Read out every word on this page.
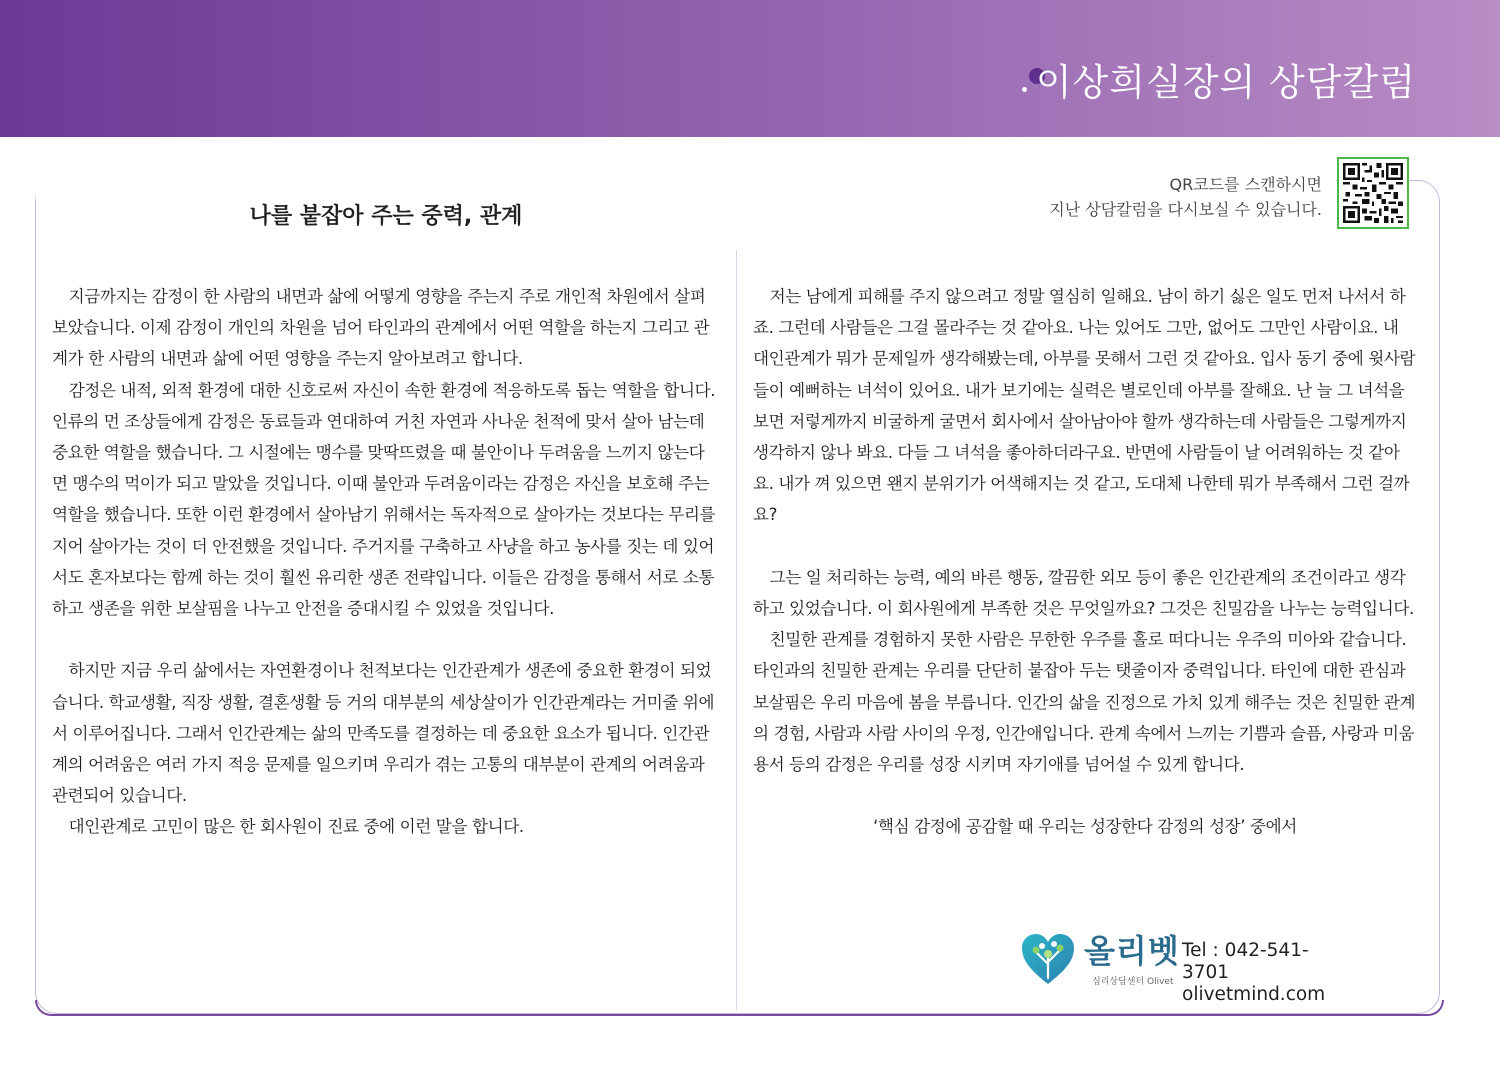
이상희실장의 상담칼럼
나를 붙잡아 주는 중력, 관계
QR코드를 스캔하시면
지난 상담칼럼을 다시보실 수 있습니다.

지금까지는 감정이 한 사람의 내면과 삶에 어떻게 영향을 주는지 주로 개인적 차원에서 살펴보았습니다. 이제 감정이 개인의 차원을 넘어 타인과의 관계에서 어떤 역할을 하는지 그리고 관계가 한 사람의 내면과 삶에 어떤 영향을 주는지 알아보려고 합니다.

감정은 내적, 외적 환경에 대한 신호로써 자신이 속한 환경에 적응하도록 돕는 역할을 합니다. 인류의 먼 조상들에게 감정은 동료들과 연대하여 거친 자연과 사나운 천적에 맞서 살아 남는데 중요한 역할을 했습니다. 그 시절에는 맹수를 맞딱뜨렸을 때 불안이나 두려움을 느끼지 않는다면 맹수의 먹이가 되고 말았을 것입니다. 이때 불안과 두려움이라는 감정은 자신을 보호해 주는 역할을 했습니다. 또한 이런 환경에서 살아남기 위해서는 독자적으로 살아가는 것보다는 무리를 지어 살아가는 것이 더 안전했을 것입니다. 주거지를 구축하고 사냥을 하고 농사를 짓는 데 있어서도 혼자보다는 함께 하는 것이 훨씬 유리한 생존 전략입니다. 이들은 감정을 통해서 서로 소통하고 생존을 위한 보살핌을 나누고 안전을 증대시킬 수 있었을 것입니다.

하지만 지금 우리 삶에서는 자연환경이나 천적보다는 인간관계가 생존에 중요한 환경이 되었습니다. 학교생활, 직장 생활, 결혼생활 등 거의 대부분의 세상살이가 인간관계라는 거미줄 위에서 이루어집니다. 그래서 인간관계는 삶의 만족도를 결정하는 데 중요한 요소가 됩니다. 인간관계의 어려움은 여러 가지 적응 문제를 일으키며 우리가 겪는 고통의 대부분이 관계의 어려움과 관련되어 있습니다.

대인관계로 고민이 많은 한 회사원이 진료 중에 이런 말을 합니다.

저는 남에게 피해를 주지 않으려고 정말 열심히 일해요. 남이 하기 싫은 일도 먼저 나서서 하죠. 그런데 사람들은 그걸 몰라주는 것 같아요. 나는 있어도 그만, 없어도 그만인 사람이요. 내 대인관계가 뭐가 문제일까 생각해봤는데, 아부를 못해서 그런 것 같아요. 입사 동기 중에 윗사람들이 예뻐하는 녀석이 있어요. 내가 보기에는 실력은 별로인데 아부를 잘해요. 난 늘 그 녀석을 보면 저렇게까지 비굴하게 굴면서 회사에서 살아남아야 할까 생각하는데 사람들은 그렇게까지 생각하지 않나 봐요. 다들 그 녀석을 좋아하더라구요. 반면에 사람들이 날 어려워하는 것 같아요. 내가 껴 있으면 왠지 분위기가 어색해지는 것 같고, 도대체 나한테 뭐가 부족해서 그런 걸까요?

그는 일 처리하는 능력, 예의 바른 행동, 깔끔한 외모 등이 좋은 인간관계의 조건이라고 생각하고 있었습니다. 이 회사원에게 부족한 것은 무엇일까요? 그것은 친밀감을 나누는 능력입니다.

친밀한 관계를 경험하지 못한 사람은 무한한 우주를 홀로 떠다니는 우주의 미아와 같습니다. 타인과의 친밀한 관계는 우리를 단단히 붙잡아 두는 탯줄이자 중력입니다. 타인에 대한 관심과 보살핌은 우리 마음에 봄을 부릅니다. 인간의 삶을 진정으로 가치 있게 해주는 것은 친밀한 관계의 경험, 사람과 사람 사이의 우정, 인간애입니다. 관계 속에서 느끼는 기쁨과 슬픔, 사랑과 미움 용서 등의 감정은 우리를 성장 시키며 자기애를 넘어설 수 있게 합니다.

‘핵심 감정에 공감할 때 우리는 성장한다 감정의 성장’ 중에서

올리벳
심리상담센터 Olivet
Tel : 042-541-3701
olivetmind.com
